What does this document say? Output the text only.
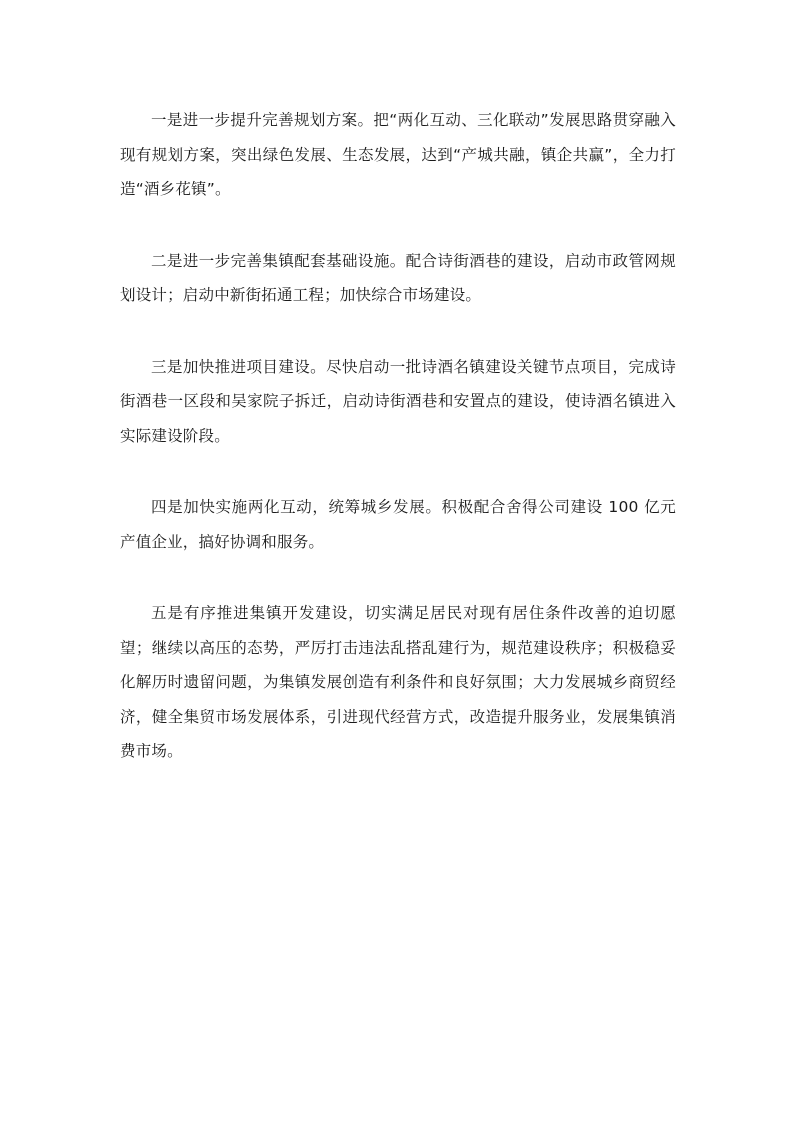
一是进一步提升完善规划方案。把“两化互动、三化联动”发展思路贯穿融入现有规划方案，突出绿色发展、生态发展，达到“产城共融，镇企共赢”，全力打造“酒乡花镇”。

二是进一步完善集镇配套基础设施。配合诗街酒巷的建设，启动市政管网规划设计；启动中新街拓通工程；加快综合市场建设。

三是加快推进项目建设。尽快启动一批诗酒名镇建设关键节点项目，完成诗街酒巷一区段和吴家院子拆迁，启动诗街酒巷和安置点的建设，使诗酒名镇进入实际建设阶段。

四是加快实施两化互动，统筹城乡发展。积极配合舍得公司建设 100 亿元产值企业，搞好协调和服务。

五是有序推进集镇开发建设，切实满足居民对现有居住条件改善的迫切愿望；继续以高压的态势，严厉打击违法乱搭乱建行为，规范建设秩序；积极稳妥化解历时遗留问题，为集镇发展创造有利条件和良好氛围；大力发展城乡商贸经济，健全集贸市场发展体系，引进现代经营方式，改造提升服务业，发展集镇消费市场。
